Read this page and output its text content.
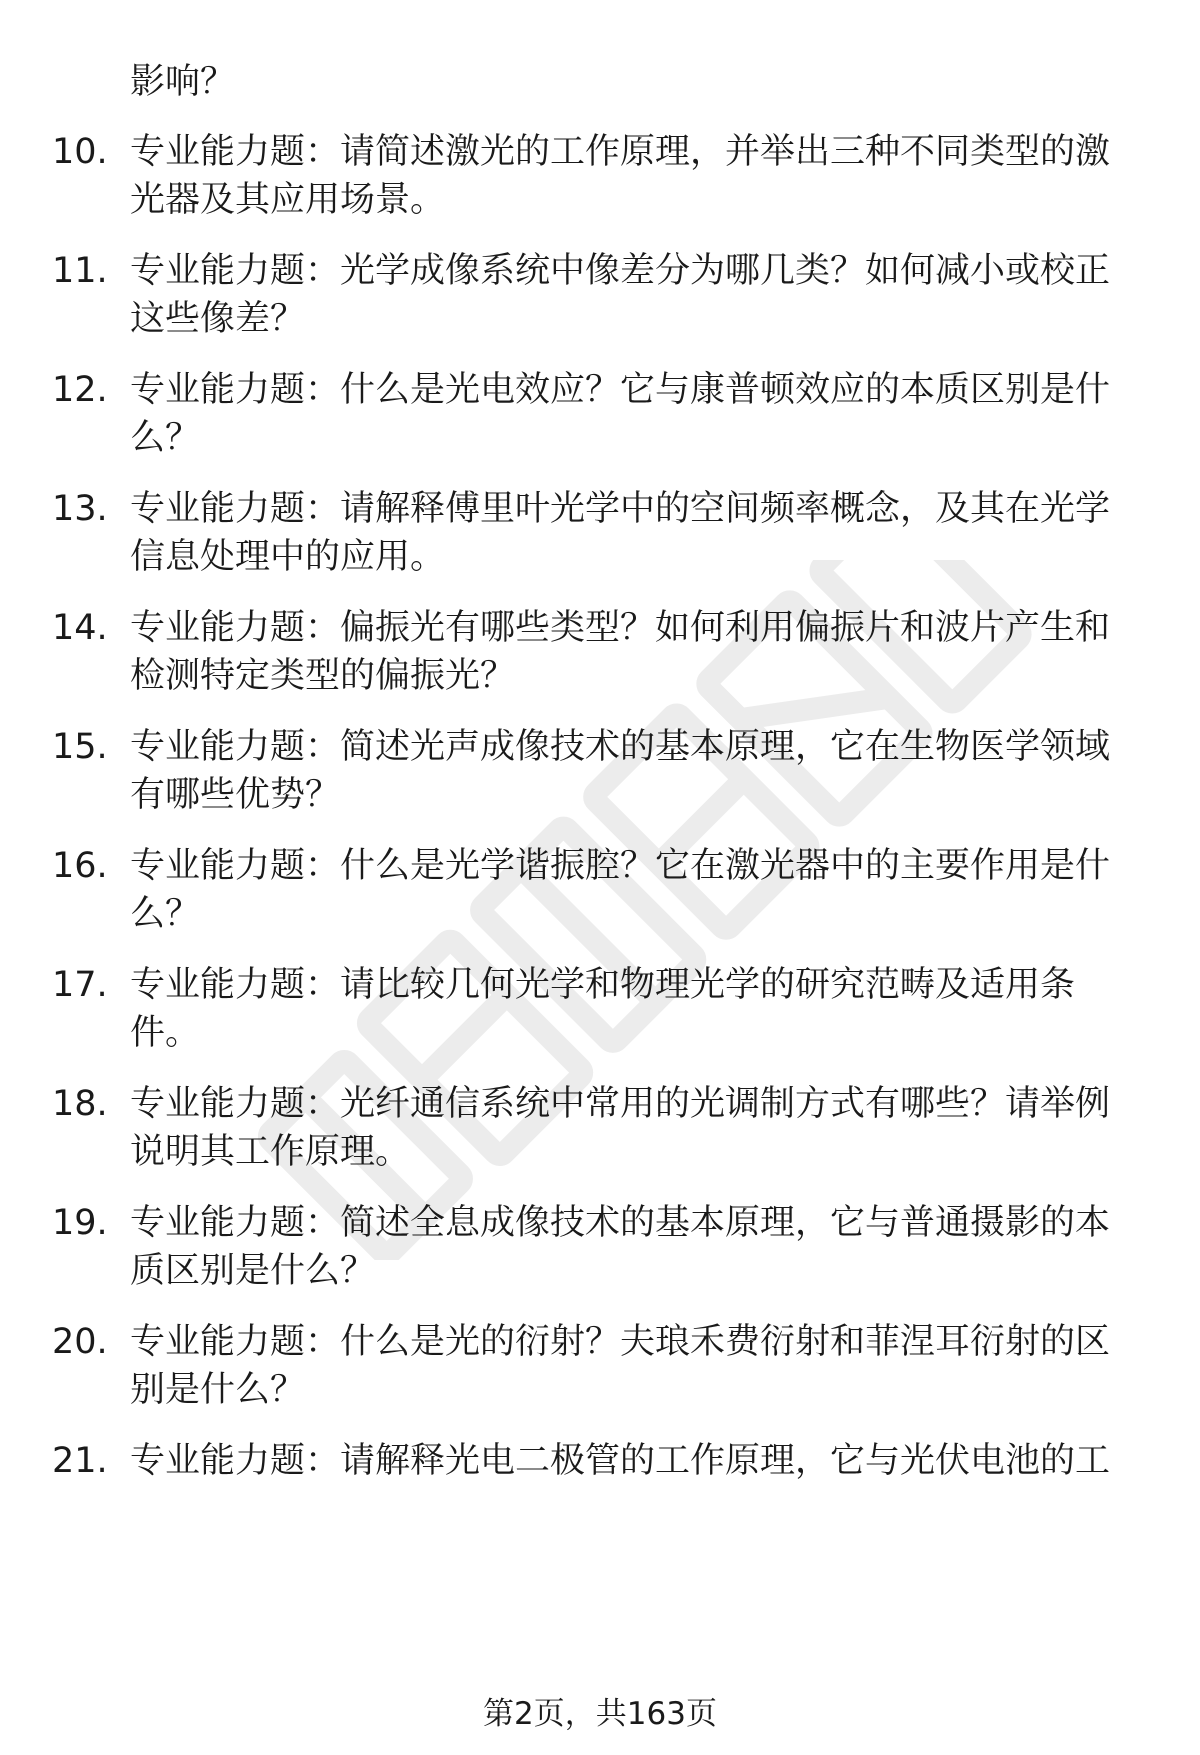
影响？

10. 专业能力题：请简述激光的工作原理，并举出三种不同类型的激
光器及其应用场景。
11. 专业能力题：光学成像系统中像差分为哪几类？如何减小或校正
这些像差？
12. 专业能力题：什么是光电效应？它与康普顿效应的本质区别是什
么？
13. 专业能力题：请解释傅里叶光学中的空间频率概念，及其在光学
信息处理中的应用。
14. 专业能力题：偏振光有哪些类型？如何利用偏振片和波片产生和
检测特定类型的偏振光？
15. 专业能力题：简述光声成像技术的基本原理，它在生物医学领域
有哪些优势？
16. 专业能力题：什么是光学谐振腔？它在激光器中的主要作用是什
么？
17. 专业能力题：请比较几何光学和物理光学的研究范畴及适用条
件。
18. 专业能力题：光纤通信系统中常用的光调制方式有哪些？请举例
说明其工作原理。
19. 专业能力题：简述全息成像技术的基本原理，它与普通摄影的本
质区别是什么？
20. 专业能力题：什么是光的衍射？夫琅禾费衍射和菲涅耳衍射的区
别是什么？
21. 专业能力题：请解释光电二极管的工作原理，它与光伏电池的工
第2页，共163页
